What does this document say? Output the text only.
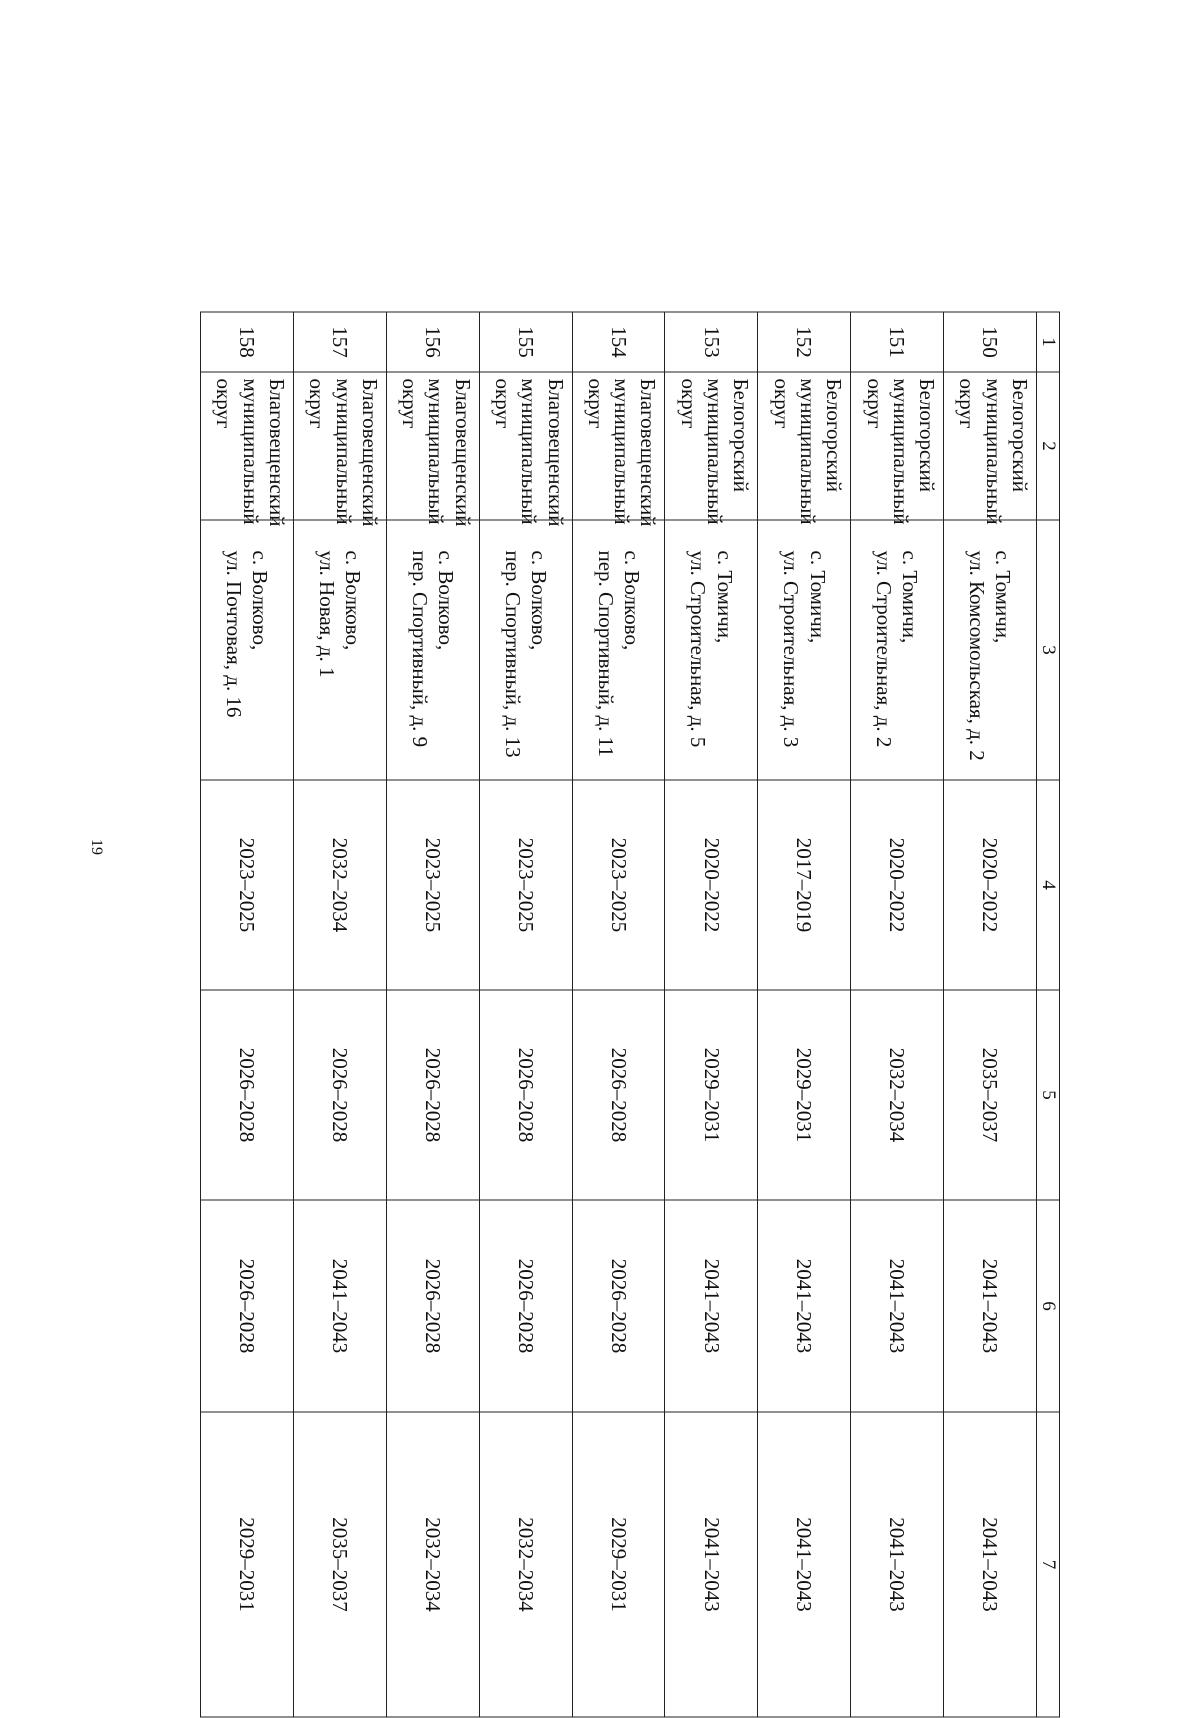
19
1	2	3	4	5	6	7
150	Белогорский
муниципальный
округ	с. Томичи,
ул. Комсомольская, д. 2	2020–2022	2035–2037	2041–2043	2041–2043
151	Белогорский
муниципальный
округ	с. Томичи,
ул. Строительная, д. 2	2020–2022	2032–2034	2041–2043	2041–2043
152	Белогорский
муниципальный
округ	с. Томичи,
ул. Строительная, д. 3	2017–2019	2029–2031	2041–2043	2041–2043
153	Белогорский
муниципальный
округ	с. Томичи,
ул. Строительная, д. 5	2020–2022	2029–2031	2041–2043	2041–2043
154	Благовещенский
муниципальный
округ	с. Волково,
пер. Спортивный, д. 11	2023–2025	2026–2028	2026–2028	2029–2031
155	Благовещенский
муниципальный
округ	с. Волково,
пер. Спортивный, д. 13	2023–2025	2026–2028	2026–2028	2032–2034
156	Благовещенский
муниципальный
округ	с. Волково,
пер. Спортивный, д. 9	2023–2025	2026–2028	2026–2028	2032–2034
157	Благовещенский
муниципальный
округ	с. Волково,
ул. Новая, д. 1	2032–2034	2026–2028	2041–2043	2035–2037
158	Благовещенский
муниципальный
округ	с. Волково,
ул. Почтовая, д. 16	2023–2025	2026–2028	2026–2028	2029–2031
